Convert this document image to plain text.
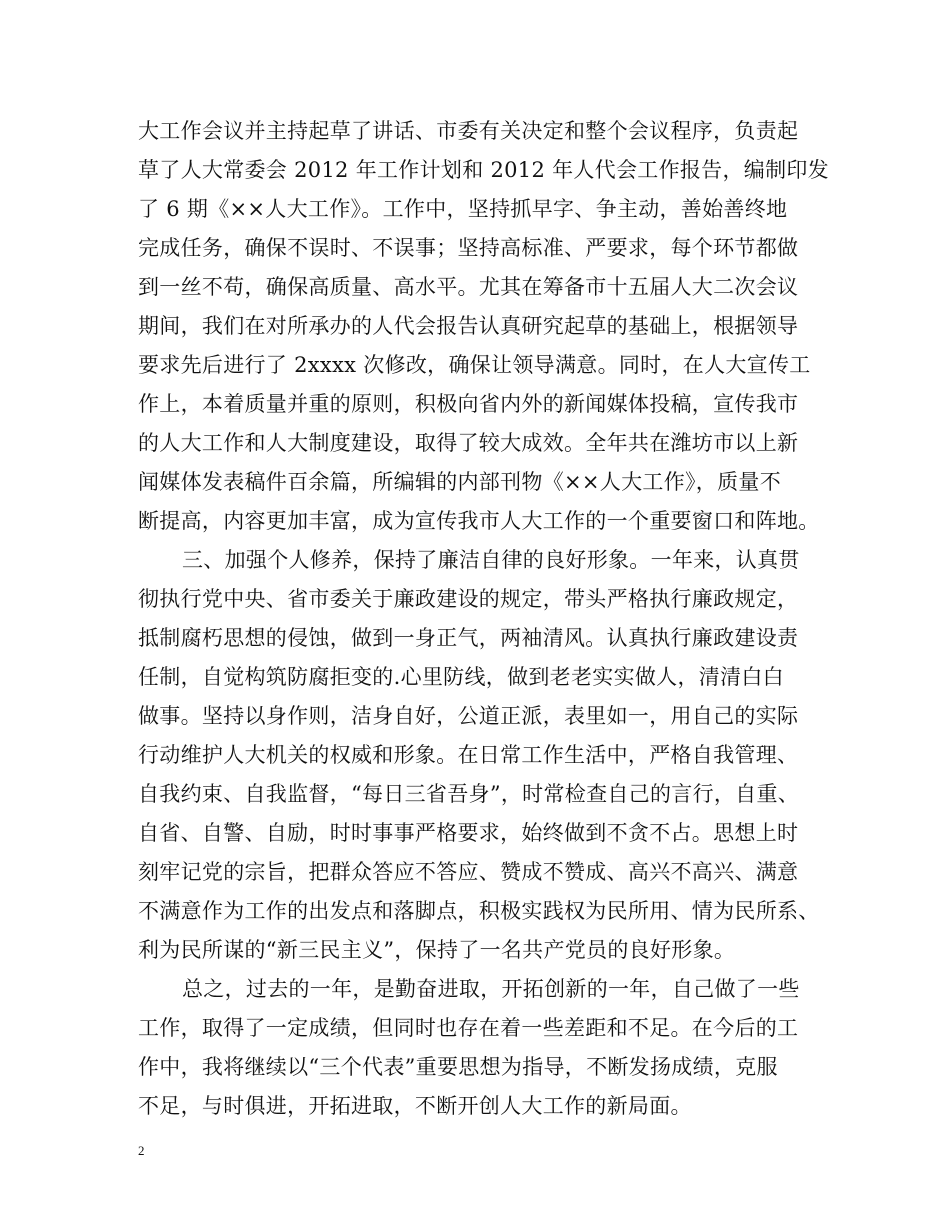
大工作会议并主持起草了讲话、市委有关决定和整个会议程序，负责起
草了人大常委会 2012 年工作计划和 2012 年人代会工作报告，编制印发
了 6 期《××人大工作》。工作中，坚持抓早字、争主动，善始善终地
完成任务，确保不误时、不误事；坚持高标准、严要求，每个环节都做
到一丝不苟，确保高质量、高水平。尤其在筹备市十五届人大二次会议
期间，我们在对所承办的人代会报告认真研究起草的基础上，根据领导
要求先后进行了 2xxxx 次修改，确保让领导满意。同时，在人大宣传工
作上，本着质量并重的原则，积极向省内外的新闻媒体投稿，宣传我市
的人大工作和人大制度建设，取得了较大成效。全年共在潍坊市以上新
闻媒体发表稿件百余篇，所编辑的内部刊物《××人大工作》，质量不
断提高，内容更加丰富，成为宣传我市人大工作的一个重要窗口和阵地。
三、加强个人修养，保持了廉洁自律的良好形象。一年来，认真贯
彻执行党中央、省市委关于廉政建设的规定，带头严格执行廉政规定，
抵制腐朽思想的侵蚀，做到一身正气，两袖清风。认真执行廉政建设责
任制，自觉构筑防腐拒变的.心里防线，做到老老实实做人，清清白白
做事。坚持以身作则，洁身自好，公道正派，表里如一，用自己的实际
行动维护人大机关的权威和形象。在日常工作生活中，严格自我管理、
自我约束、自我监督，“每日三省吾身”，时常检查自己的言行，自重、
自省、自警、自励，时时事事严格要求，始终做到不贪不占。思想上时
刻牢记党的宗旨，把群众答应不答应、赞成不赞成、高兴不高兴、满意
不满意作为工作的出发点和落脚点，积极实践权为民所用、情为民所系、
利为民所谋的“新三民主义”，保持了一名共产党员的良好形象。
总之，过去的一年，是勤奋进取，开拓创新的一年，自己做了一些
工作，取得了一定成绩，但同时也存在着一些差距和不足。在今后的工
作中，我将继续以“三个代表”重要思想为指导，不断发扬成绩，克服
不足，与时俱进，开拓进取，不断开创人大工作的新局面。
2
